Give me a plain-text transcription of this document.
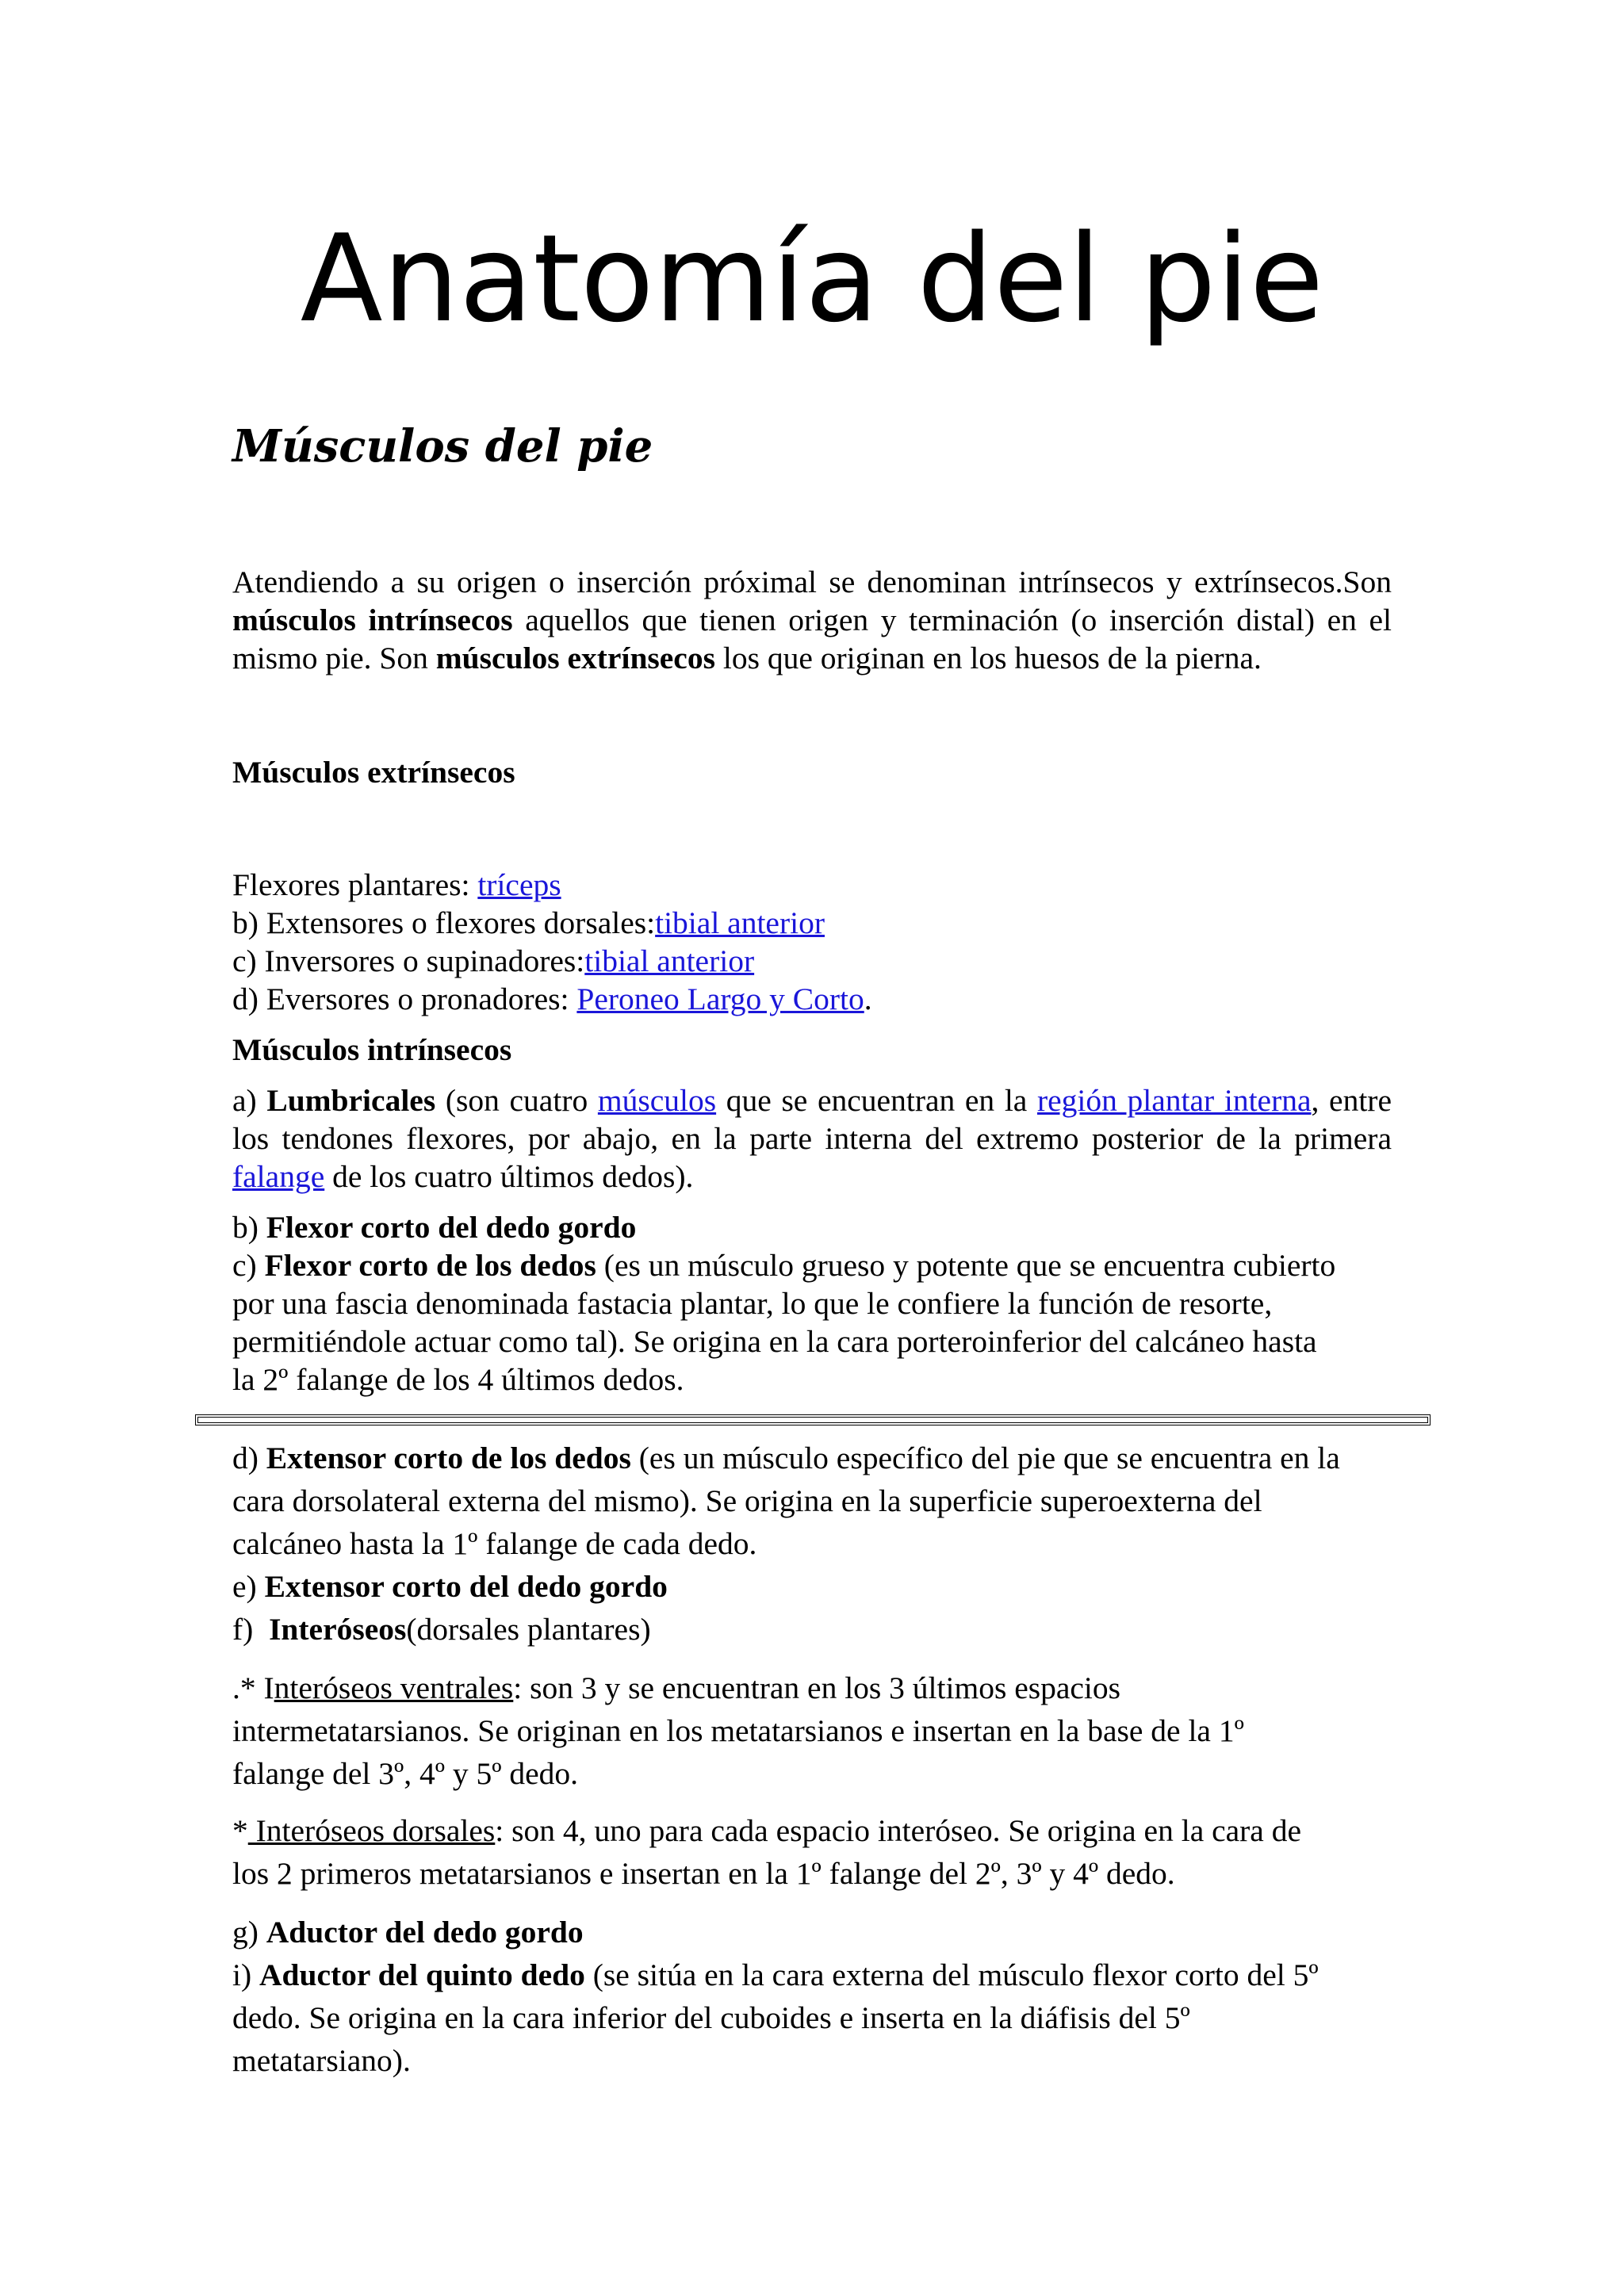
Anatomía del pie
Músculos del pie

Atendiendo a su origen o inserción próximal se denominan intrínsecos y extrínsecos.Son músculos intrínsecos aquellos que tienen origen y terminación (o inserción distal) en el mismo pie. Son músculos extrínsecos los que originan en los huesos de la pierna.

Músculos extrínsecos

Flexores plantares: tríceps

b) Extensores o flexores dorsales:tibial anterior

c) Inversores o supinadores:tibial anterior

d) Eversores o pronadores: Peroneo Largo y Corto.

Músculos intrínsecos

a) Lumbricales (son cuatro músculos que se encuentran en la región plantar interna, entre los tendones flexores, por abajo, en la parte interna del extremo posterior de la primera falange de los cuatro últimos dedos).

b) Flexor corto del dedo gordo

c) Flexor corto de los dedos (es un músculo grueso y potente que se encuentra cubierto
por una fascia denominada fastacia plantar, lo que le confiere la función de resorte,
permitiéndole actuar como tal). Se origina en la cara porteroinferior del calcáneo hasta
la 2º falange de los 4 últimos dedos.

d) Extensor corto de los dedos (es un músculo específico del pie que se encuentra en la
cara dorsolateral externa del mismo). Se origina en la superficie superoexterna del
calcáneo hasta la 1º falange de cada dedo.

e) Extensor corto del dedo gordo

f)  Interóseos(dorsales plantares)

.* Interóseos ventrales: son 3 y se encuentran en los 3 últimos espacios
intermetatarsianos. Se originan en los metatarsianos e insertan en la base de la 1º
falange del 3º, 4º y 5º dedo.

* Interóseos dorsales: son 4, uno para cada espacio interóseo. Se origina en la cara de
los 2 primeros metatarsianos e insertan en la 1º falange del 2º, 3º y 4º dedo.

g) Aductor del dedo gordo

i) Aductor del quinto dedo (se sitúa en la cara externa del músculo flexor corto del 5º
dedo. Se origina en la cara inferior del cuboides e inserta en la diáfisis del 5º
metatarsiano).
